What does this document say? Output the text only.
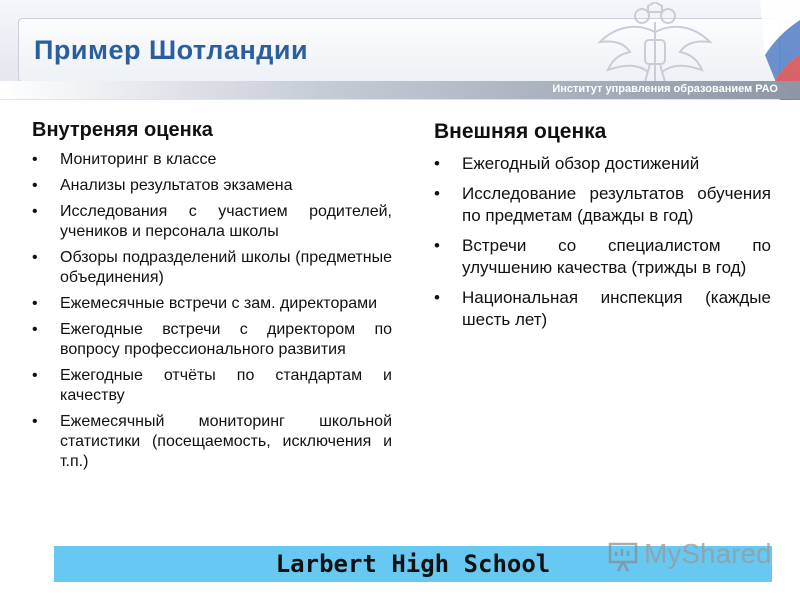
Пример Шотландии
Институт управления образованием РАО
Внутреняя оценка
• Мониторинг в классе
• Анализы результатов экзамена
• Исследования с участием родителей, учеников и персонала школы
• Обзоры подразделений школы (предметные объединения)
• Ежемесячные встречи с зам. директорами
• Ежегодные встречи с директором по вопросу профессионального развития
• Ежегодные отчёты по стандартам и качеству
• Ежемесячный мониторинг школьной статистики (посещаемость, исключения и т.п.)
Внешняя оценка
• Ежегодный обзор достижений
• Исследование результатов обучения по предметам (дважды в год)
• Встречи со специалистом по улучшению качества (трижды в год)
• Национальная инспекция (каждые шесть лет)
Larbert High School	MyShared
